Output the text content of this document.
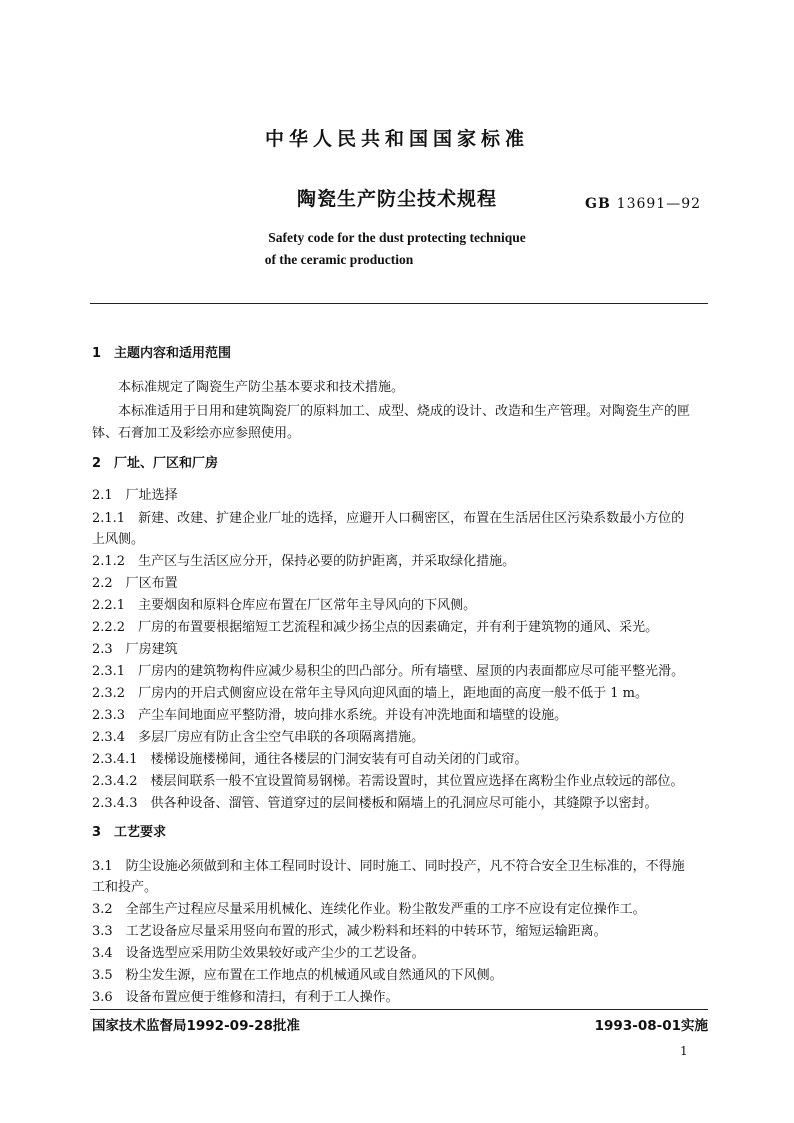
中华人民共和国国家标准
陶瓷生产防尘技术规程	GB 13691—92
Safety code for the dust protecting technique
of the ceramic production
1　主题内容和适用范围
本标准规定了陶瓷生产防尘基本要求和技术措施。
本标准适用于日用和建筑陶瓷厂的原料加工、成型、烧成的设计、改造和生产管理。对陶瓷生产的匣
钵、石膏加工及彩绘亦应参照使用。
2　厂址、厂区和厂房
2.1　厂址选择
2.1.1　新建、改建、扩建企业厂址的选择，应避开人口稠密区，布置在生活居住区污染系数最小方位的
上风侧。
2.1.2　生产区与生活区应分开，保持必要的防护距离，并采取绿化措施。
2.2　厂区布置
2.2.1　主要烟囱和原料仓库应布置在厂区常年主导风向的下风侧。
2.2.2　厂房的布置要根据缩短工艺流程和减少扬尘点的因素确定，并有利于建筑物的通风、采光。
2.3　厂房建筑
2.3.1　厂房内的建筑物构件应减少易积尘的凹凸部分。所有墙壁、屋顶的内表面都应尽可能平整光滑。
2.3.2　厂房内的开启式侧窗应设在常年主导风向迎风面的墙上，距地面的高度一般不低于 1 m。
2.3.3　产尘车间地面应平整防滑，坡向排水系统。并设有冲洗地面和墙壁的设施。
2.3.4　多层厂房应有防止含尘空气串联的各项隔离措施。
2.3.4.1　楼梯设施楼梯间，通往各楼层的门洞安装有可自动关闭的门或帘。
2.3.4.2　楼层间联系一般不宜设置简易钢梯。若需设置时，其位置应选择在离粉尘作业点较远的部位。
2.3.4.3　供各种设备、溜管、管道穿过的层间楼板和隔墙上的孔洞应尽可能小，其缝隙予以密封。
3　工艺要求
3.1　防尘设施必须做到和主体工程同时设计、同时施工、同时投产，凡不符合安全卫生标准的，不得施
工和投产。
3.2　全部生产过程应尽量采用机械化、连续化作业。粉尘散发严重的工序不应设有定位操作工。
3.3　工艺设备应尽量采用竖向布置的形式，减少粉料和坯料的中转环节，缩短运输距离。
3.4　设备选型应采用防尘效果较好或产尘少的工艺设备。
3.5　粉尘发生源，应布置在工作地点的机械通风或自然通风的下风侧。
3.6　设备布置应便于维修和清扫，有利于工人操作。
国家技术监督局1992-09-28批准	1993-08-01实施
1
